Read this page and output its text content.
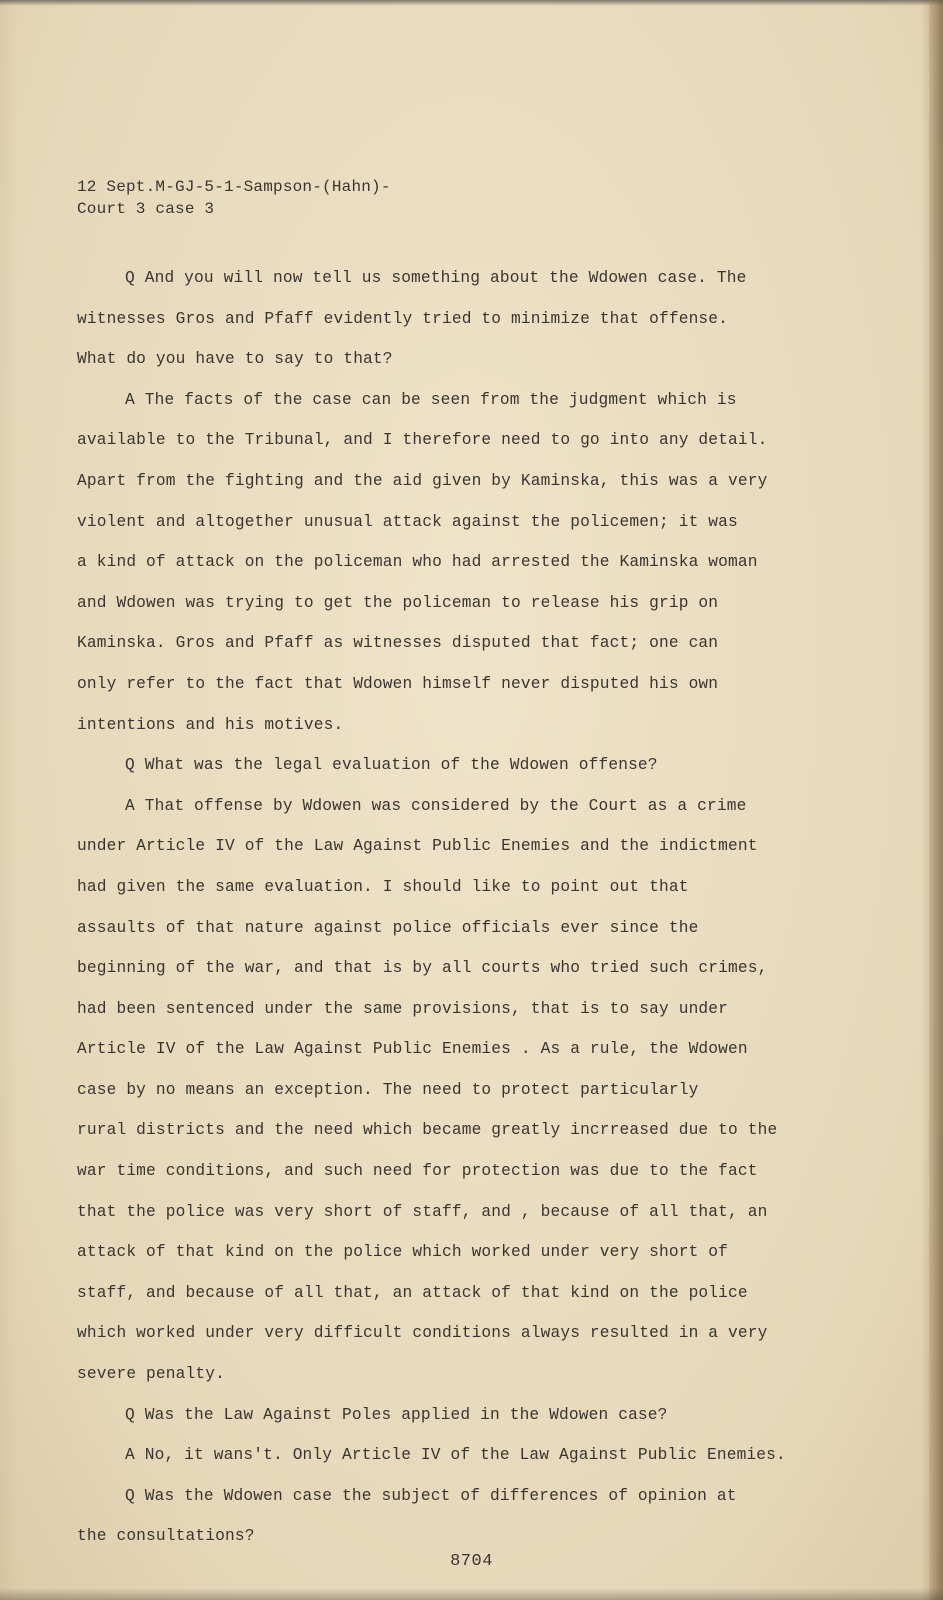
12 Sept.M-GJ-5-1-Sampson-(Hahn)-
Court 3 case 3
Q And you will now tell us something about the Wdowen case. The
witnesses Gros and Pfaff evidently tried to minimize that offense.
What do you have to say to that?
A The facts of the case can be seen from the judgment which is
available to the Tribunal, and I therefore need to go into any detail.
Apart from the fighting and the aid given by Kaminska, this was a very
violent and altogether unusual attack against the policemen; it was
a kind of attack on the policeman who had arrested the Kaminska woman
and Wdowen was trying to get the policeman to release his grip on
Kaminska. Gros and Pfaff as witnesses disputed that fact; one can
only refer to the fact that Wdowen himself never disputed his own
intentions and his motives.
Q What was the legal evaluation of the Wdowen offense?
A That offense by Wdowen was considered by the Court as a crime
under Article IV of the Law Against Public Enemies and the indictment
had given the same evaluation. I should like to point out that
assaults of that nature against police officials ever since the
beginning of the war, and that is by all courts who tried such crimes,
had been sentenced under the same provisions, that is to say under
Article IV of the Law Against Public Enemies . As a rule, the Wdowen
case by no means an exception. The need to protect particularly
rural districts and the need which became greatly incrreased due to the
war time conditions, and such need for protection was due to the fact
that the police was very short of staff, and , because of all that, an
attack of that kind on the police which worked under very short of
staff, and because of all that, an attack of that kind on the police
which worked under very difficult conditions always resulted in a very
severe penalty.
Q Was the Law Against Poles applied in the Wdowen case?
A No, it wans't. Only Article IV of the Law Against Public Enemies.
Q Was the Wdowen case the subject of differences of opinion at
the consultations?
8704
